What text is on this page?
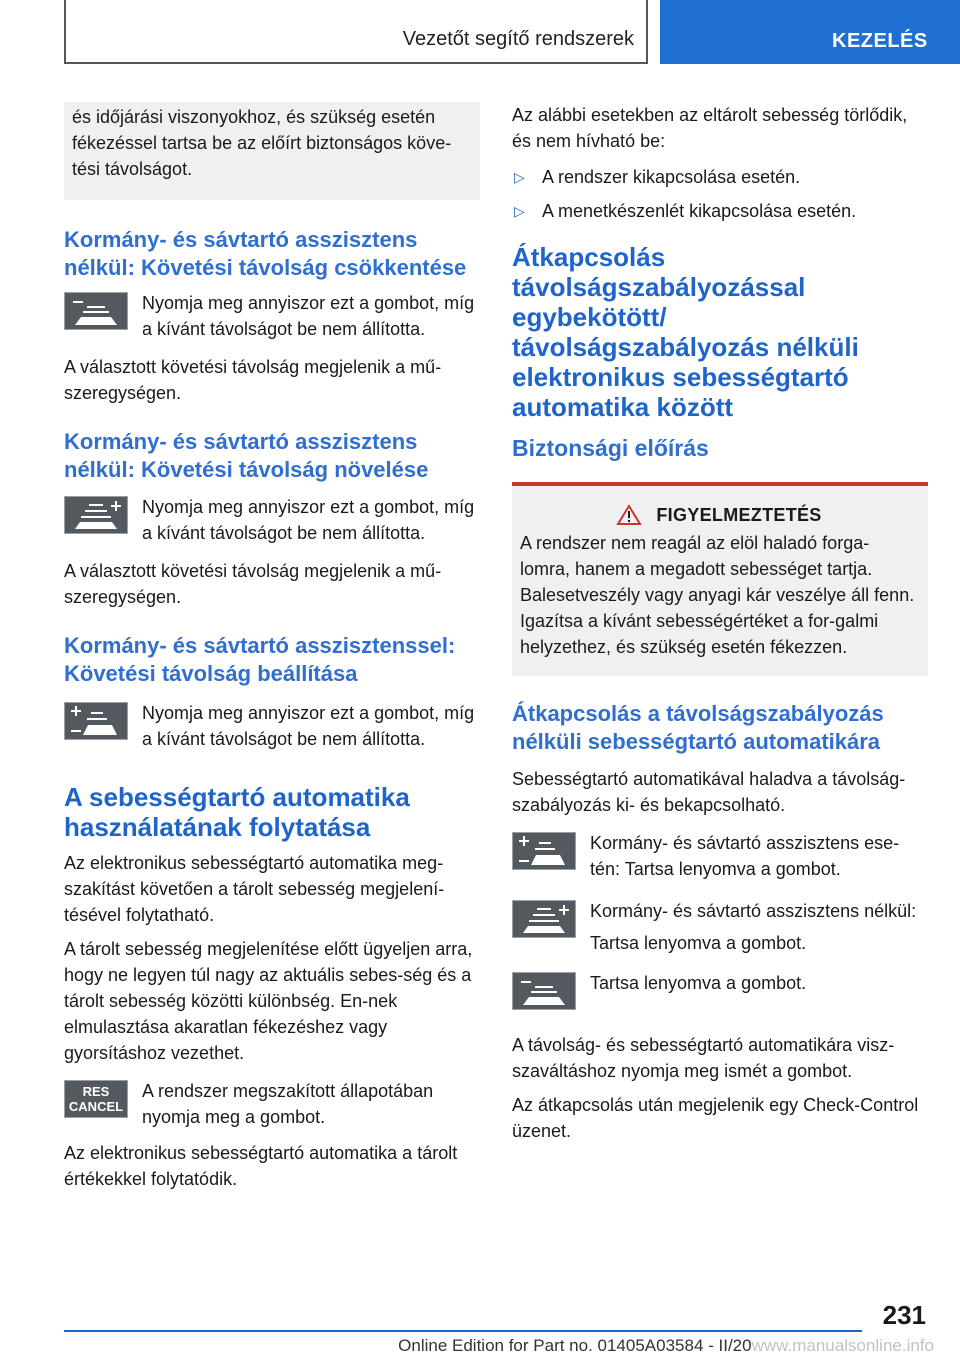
Vezetőt segítő rendszerek	KEZELÉS
és időjárási viszonyokhoz, és szükség esetén fékezéssel tartsa be az előírt biztonságos köve-tési távolságot.
Kormány- és sávtartó asszisztens nélkül: Követési távolság csökkentése

Nyomja meg annyiszor ezt a gombot, míg a kívánt távolságot be nem állította.

A választott követési távolság megjelenik a mű-szeregységen.

Kormány- és sávtartó asszisztens nélkül: Követési távolság növelése

Nyomja meg annyiszor ezt a gombot, míg a kívánt távolságot be nem állította.

A választott követési távolság megjelenik a mű-szeregységen.

Kormány- és sávtartó asszisztenssel: Követési távolság beállítása

Nyomja meg annyiszor ezt a gombot, míg a kívánt távolságot be nem állította.

A sebességtartó automatika használatának folytatása

Az elektronikus sebességtartó automatika meg-szakítást követően a tárolt sebesség megjelení-tésével folytatható.

A tárolt sebesség megjelenítése előtt ügyeljen arra, hogy ne legyen túl nagy az aktuális sebes-ség és a tárolt sebesség közötti különbség. En-nek elmulasztása akaratlan fékezéshez vagy gyorsításhoz vezethet.

RES
CANCEL

A rendszer megszakított állapotában nyomja meg a gombot.

Az elektronikus sebességtartó automatika a tárolt értékekkel folytatódik.

Az alábbi esetekben az eltárolt sebesség törlődik, és nem hívható be:

▷ A rendszer kikapcsolása esetén.
▷ A menetkészenlét kikapcsolása esetén.
Átkapcsolás távolságszabályozással egybekötött/ távolságszabályozás nélküli elektronikus sebességtartó automatika között
Biztonsági előírás
FIGYELMEZTETÉS
A rendszer nem reagál az elöl haladó forga-lomra, hanem a megadott sebességet tartja. Balesetveszély vagy anyagi kár veszélye áll fenn. Igazítsa a kívánt sebességértéket a for-galmi helyzethez, és szükség esetén fékezzen.
Átkapcsolás a távolságszabályozás nélküli sebességtartó automatikára

Sebességtartó automatikával haladva a távolság-szabályozás ki- és bekapcsolható.

Kormány- és sávtartó asszisztens ese-tén: Tartsa lenyomva a gombot.

Kormány- és sávtartó asszisztens nélkül:

Tartsa lenyomva a gombot.

Tartsa lenyomva a gombot.

A távolság- és sebességtartó automatikára visz-szaváltáshoz nyomja meg ismét a gombot.

Az átkapcsolás után megjelenik egy Check-Control üzenet.

231
Online Edition for Part no. 01405A03584 - II/20www.manualsonline.info
